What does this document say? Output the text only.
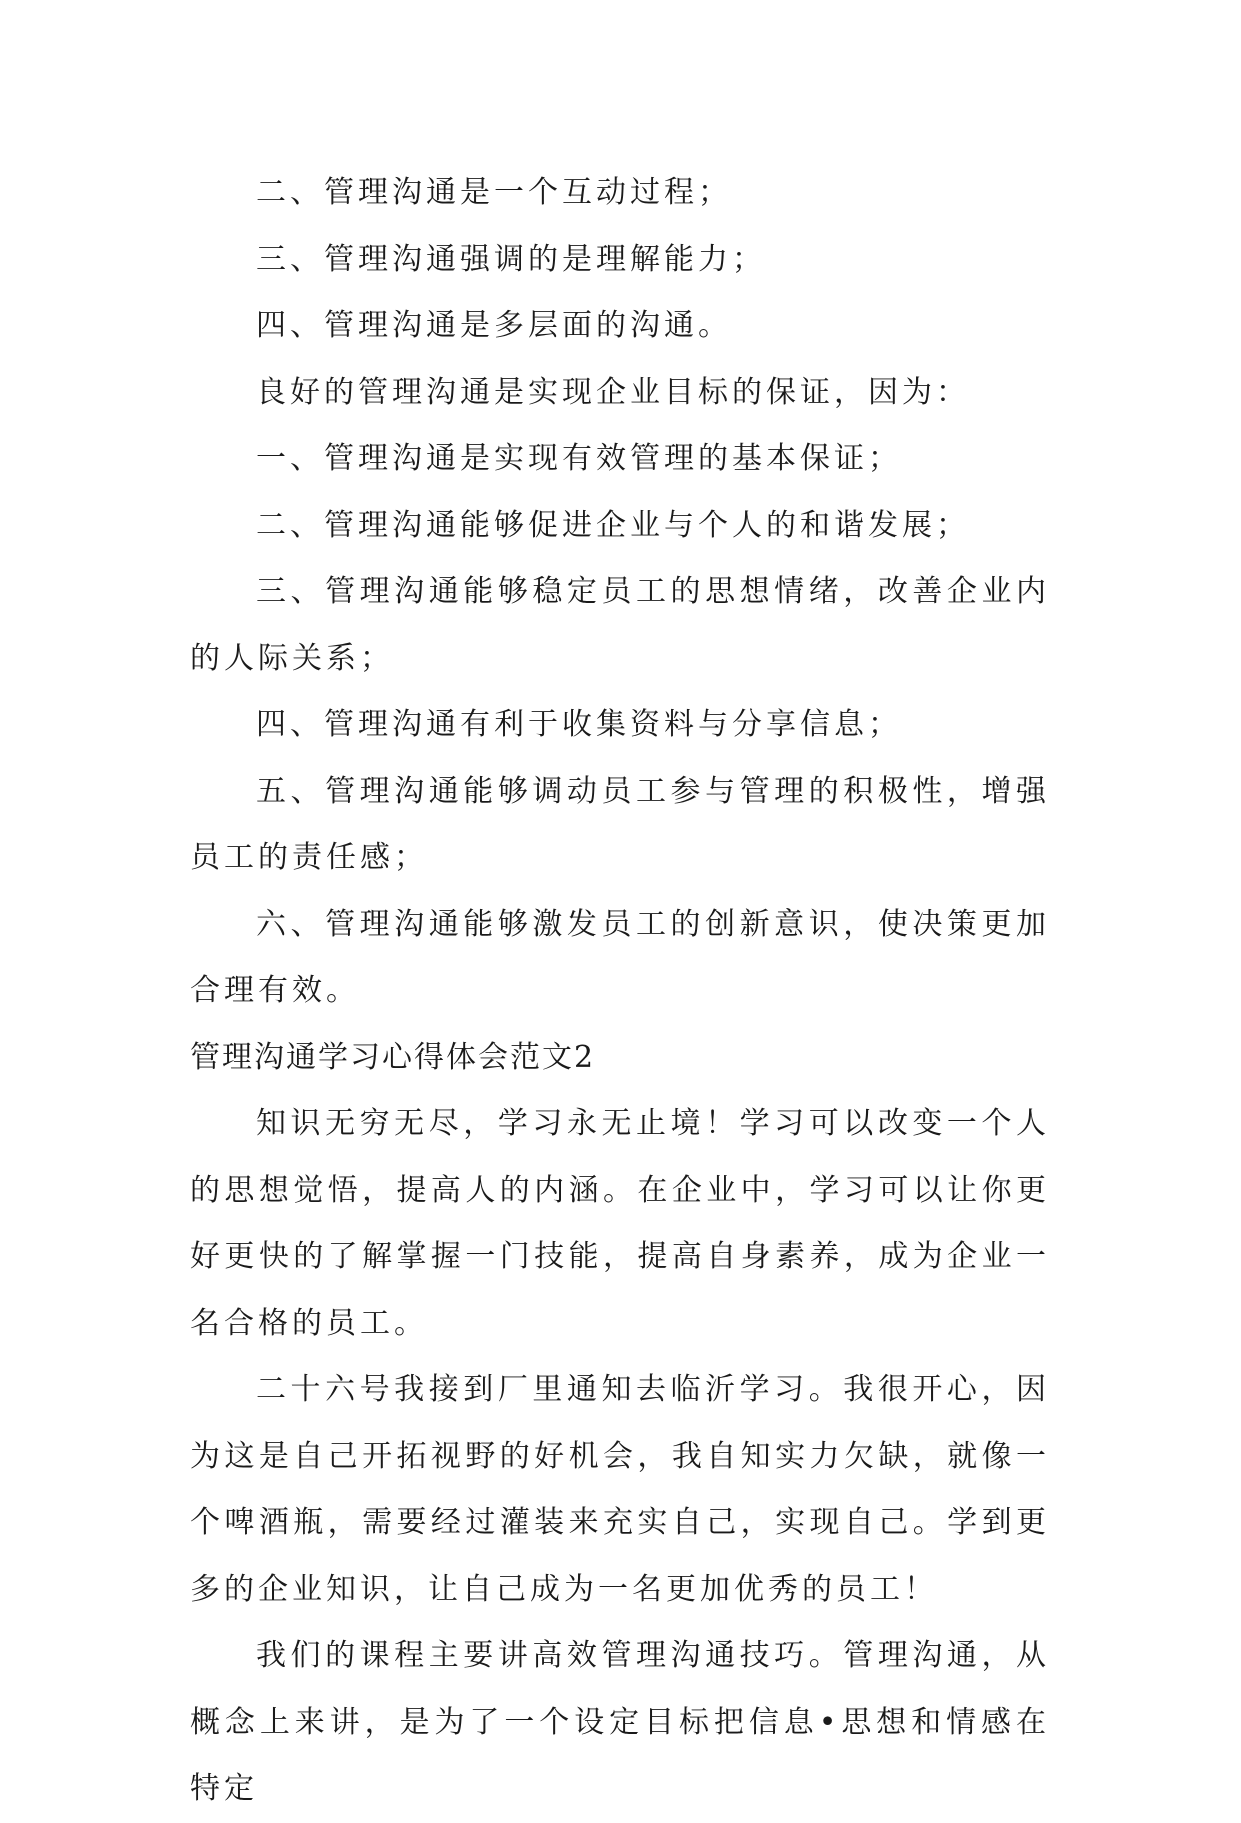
二、管理沟通是一个互动过程；

三、管理沟通强调的是理解能力；

四、管理沟通是多层面的沟通。

良好的管理沟通是实现企业目标的保证，因为：

一、管理沟通是实现有效管理的基本保证；

二、管理沟通能够促进企业与个人的和谐发展；

三、管理沟通能够稳定员工的思想情绪，改善企业内的人际关系；

四、管理沟通有利于收集资料与分享信息；

五、管理沟通能够调动员工参与管理的积极性，增强员工的责任感；

六、管理沟通能够激发员工的创新意识，使决策更加合理有效。

管理沟通学习心得体会范文2

知识无穷无尽，学习永无止境！学习可以改变一个人的思想觉悟，提高人的内涵。在企业中，学习可以让你更好更快的了解掌握一门技能，提高自身素养，成为企业一名合格的员工。

二十六号我接到厂里通知去临沂学习。我很开心，因为这是自己开拓视野的好机会，我自知实力欠缺，就像一个啤酒瓶，需要经过灌装来充实自己，实现自己。学到更多的企业知识，让自己成为一名更加优秀的员工！

我们的课程主要讲高效管理沟通技巧。管理沟通，从概念上来讲，是为了一个设定目标把信息•思想和情感在特定
